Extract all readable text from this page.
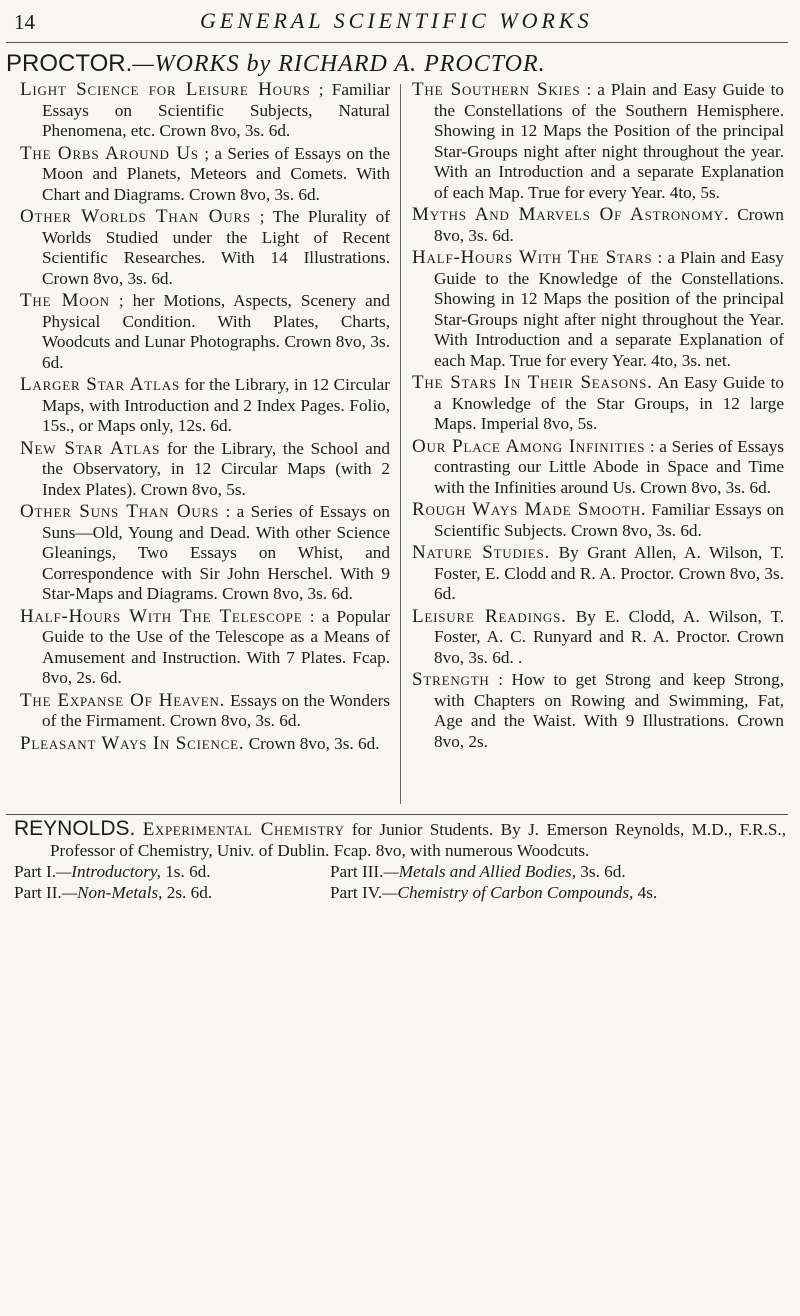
14	GENERAL SCIENTIFIC WORKS
PROCTOR.—WORKS by RICHARD A. PROCTOR.

Light Science for Leisure Hours ; Familiar Essays on Scientific Subjects, Natural Phenomena, etc. Crown 8vo, 3s. 6d.

The Orbs Around Us ; a Series of Essays on the Moon and Planets, Meteors and Comets. With Chart and Diagrams. Crown 8vo, 3s. 6d.

Other Worlds Than Ours ; The Plurality of Worlds Studied under the Light of Recent Scientific Researches. With 14 Illustrations. Crown 8vo, 3s. 6d.

The Moon ; her Motions, Aspects, Scenery and Physical Condition. With Plates, Charts, Woodcuts and Lunar Photographs. Crown 8vo, 3s. 6d.

Larger Star Atlas for the Library, in 12 Circular Maps, with Introduction and 2 Index Pages. Folio, 15s., or Maps only, 12s. 6d.

New Star Atlas for the Library, the School and the Observatory, in 12 Circular Maps (with 2 Index Plates). Crown 8vo, 5s.

Other Suns Than Ours : a Series of Essays on Suns—Old, Young and Dead. With other Science Gleanings, Two Essays on Whist, and Correspondence with Sir John Herschel. With 9 Star-Maps and Diagrams. Crown 8vo, 3s. 6d.

Half-Hours With The Telescope : a Popular Guide to the Use of the Telescope as a Means of Amusement and Instruction. With 7 Plates. Fcap. 8vo, 2s. 6d.

The Expanse Of Heaven. Essays on the Wonders of the Firmament. Crown 8vo, 3s. 6d.

Pleasant Ways In Science. Crown 8vo, 3s. 6d.

The Southern Skies : a Plain and Easy Guide to the Constellations of the Southern Hemisphere. Showing in 12 Maps the Position of the principal Star-Groups night after night throughout the year. With an Introduction and a separate Explanation of each Map. True for every Year. 4to, 5s.

Myths And Marvels Of Astronomy. Crown 8vo, 3s. 6d.

Half-Hours With The Stars : a Plain and Easy Guide to the Knowledge of the Constellations. Showing in 12 Maps the position of the principal Star-Groups night after night throughout the Year. With Introduction and a separate Explanation of each Map. True for every Year. 4to, 3s. net.

The Stars In Their Seasons. An Easy Guide to a Knowledge of the Star Groups, in 12 large Maps. Imperial 8vo, 5s.

Our Place Among Infinities : a Series of Essays contrasting our Little Abode in Space and Time with the Infinities around Us. Crown 8vo, 3s. 6d.

Rough Ways Made Smooth. Familiar Essays on Scientific Subjects. Crown 8vo, 3s. 6d.

Nature Studies. By Grant Allen, A. Wilson, T. Foster, E. Clodd and R. A. Proctor. Crown 8vo, 3s. 6d.

Leisure Readings. By E. Clodd, A. Wilson, T. Foster, A. C. Runyard and R. A. Proctor. Crown 8vo, 3s. 6d. .

Strength : How to get Strong and keep Strong, with Chapters on Rowing and Swimming, Fat, Age and the Waist. With 9 Illustrations. Crown 8vo, 2s.

REYNOLDS. Experimental Chemistry for Junior Students. By J. Emerson Reynolds, M.D., F.R.S., Professor of Chemistry, Univ. of Dublin. Fcap. 8vo, with numerous Woodcuts.
Part I.—Introductory, 1s. 6d.	Part III.—Metals and Allied Bodies, 3s. 6d.
Part II.—Non-Metals, 2s. 6d.	Part IV.—Chemistry of Carbon Compounds, 4s.
